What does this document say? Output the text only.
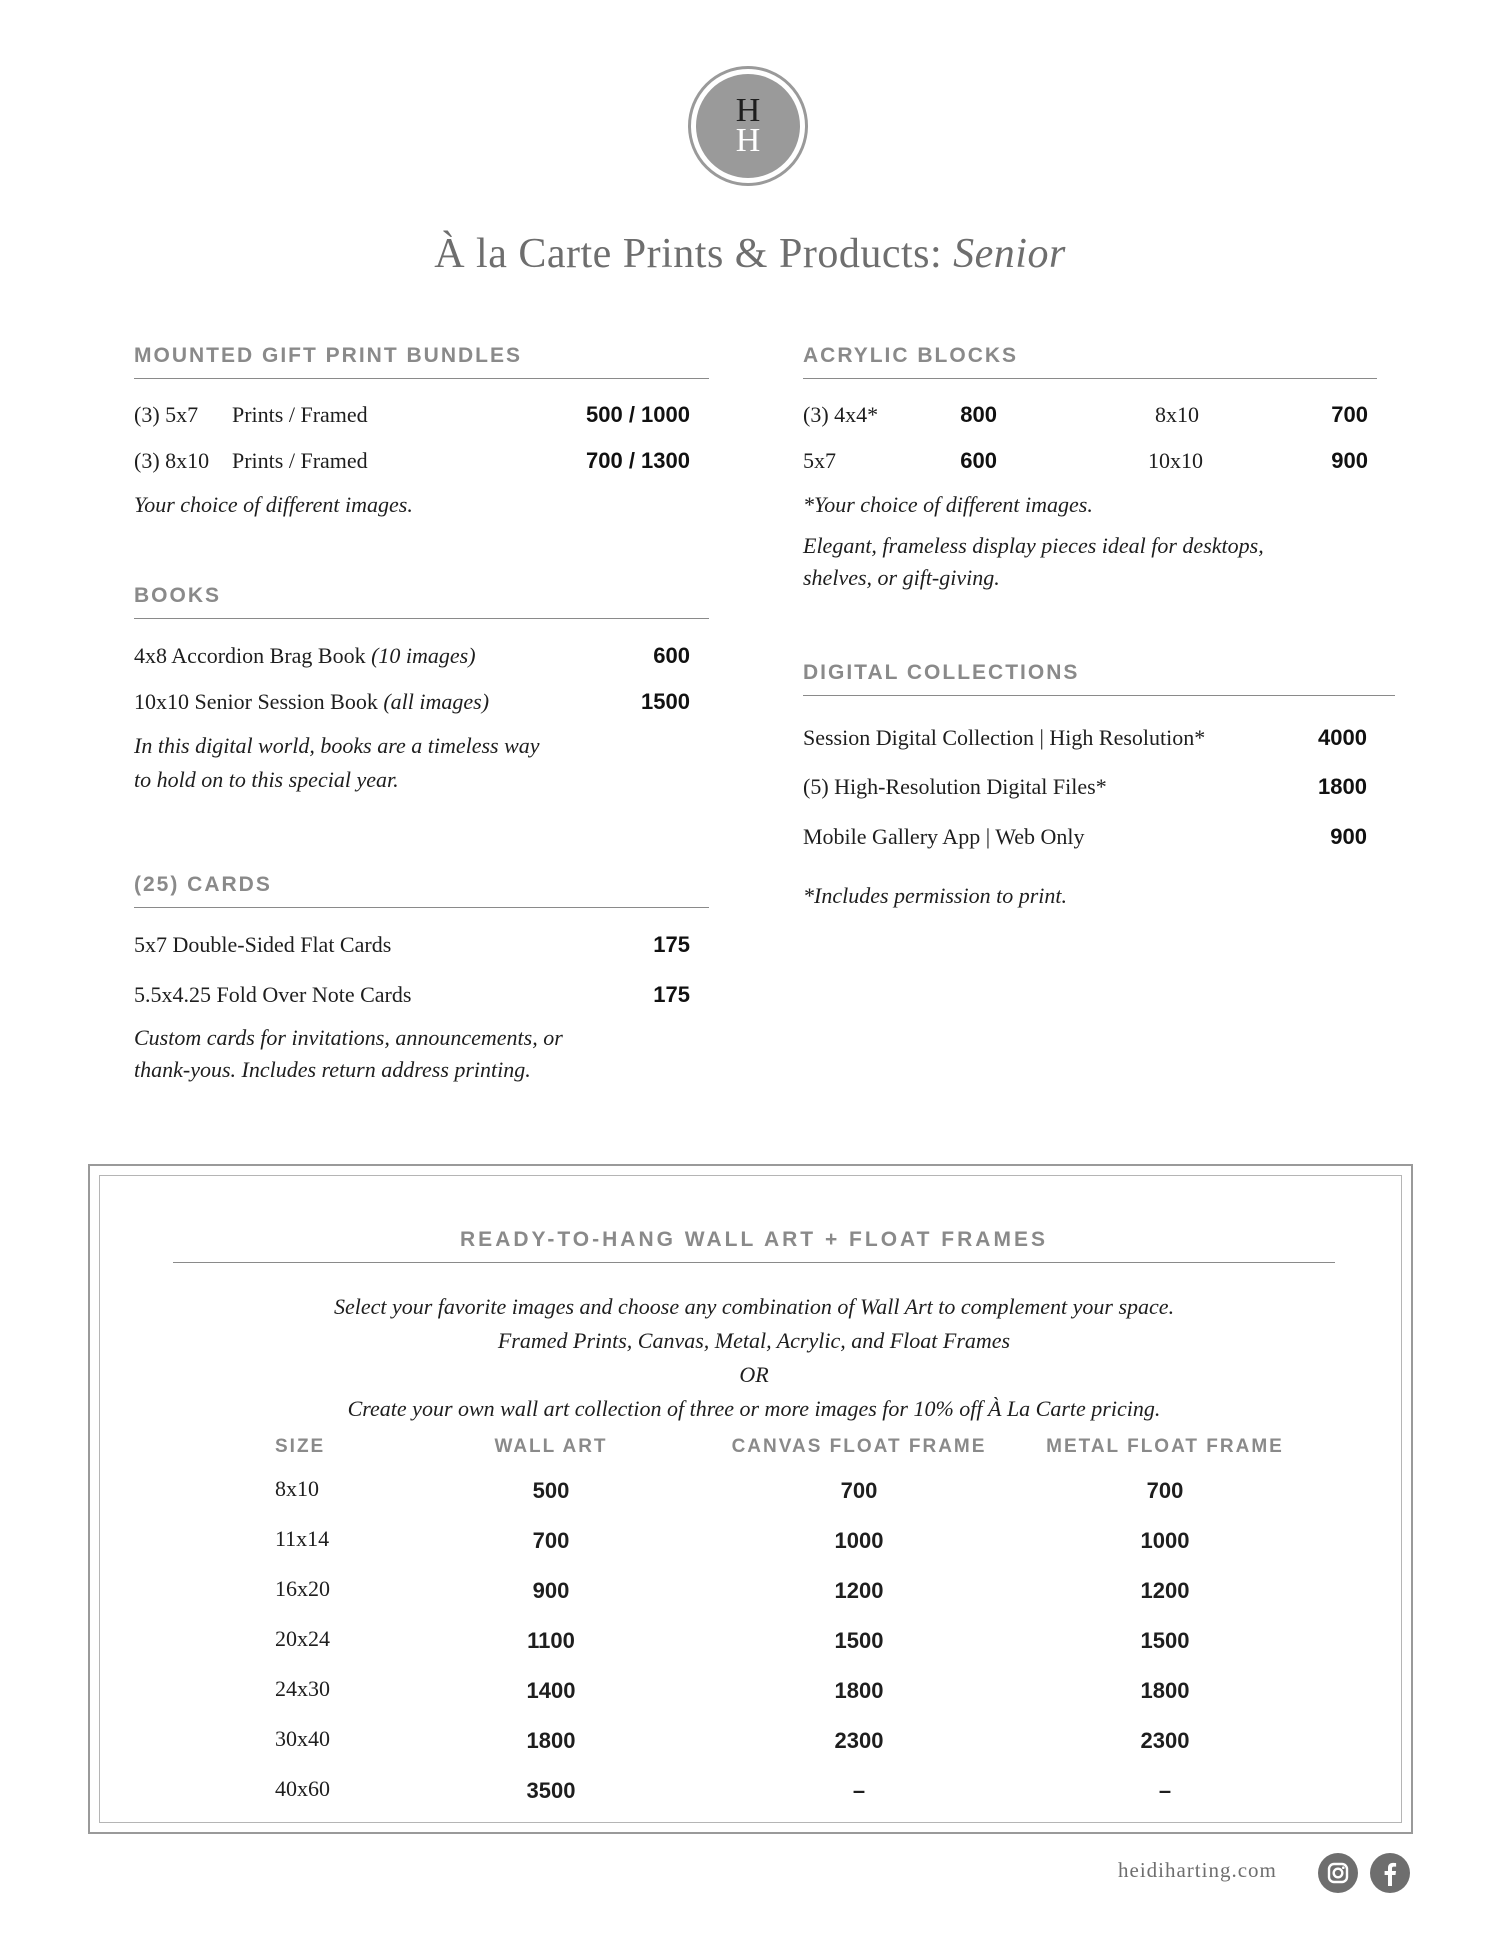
H
H
À la Carte Prints & Products: Senior
MOUNTED GIFT PRINT BUNDLES
(3) 5x7 Prints / Framed	500 / 1000
(3) 8x10 Prints / Framed	700 / 1300
Your choice of different images.
BOOKS
4x8 Accordion Brag Book (10 images)	600
10x10 Senior Session Book (all images)	1500
In this digital world, books are a timeless way
to hold on to this special year.
(25) CARDS
5x7 Double-Sided Flat Cards	175
5.5x4.25 Fold Over Note Cards	175
Custom cards for invitations, announcements, or
thank-yous. Includes return address printing.
ACRYLIC BLOCKS
(3) 4x4*	800	8x10	700
5x7	600	10x10	900
*Your choice of different images.
Elegant, frameless display pieces ideal for desktops,
shelves, or gift-giving.
DIGITAL COLLECTIONS
Session Digital Collection | High Resolution*	4000
(5) High-Resolution Digital Files*	1800
Mobile Gallery App | Web Only	900
*Includes permission to print.
READY-TO-HANG WALL ART + FLOAT FRAMES
Select your favorite images and choose any combination of Wall Art to complement your space.
Framed Prints, Canvas, Metal, Acrylic, and Float Frames
OR
Create your own wall art collection of three or more images for 10% off À La Carte pricing.
SIZE	WALL ART	CANVAS FLOAT FRAME	METAL FLOAT FRAME
8x10	500	700	700
11x14	700	1000	1000
16x20	900	1200	1200
20x24	1100	1500	1500
24x30	1400	1800	1800
30x40	1800	2300	2300
40x60	3500	–	–
heidiharting.com
